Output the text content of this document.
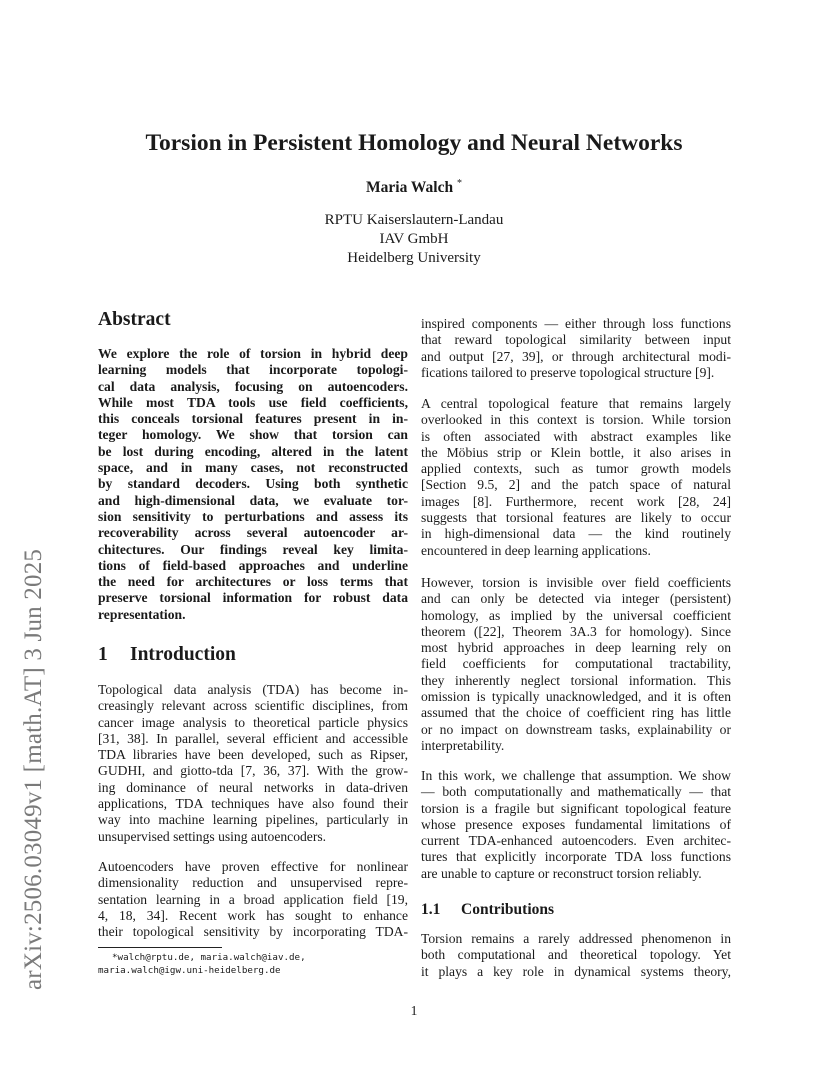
arXiv:2506.03049v1 [math.AT] 3 Jun 2025
Torsion in Persistent Homology and Neural Networks
Maria Walch *
RPTU Kaiserslautern-Landau
IAV GmbH
Heidelberg University
Abstract
We explore the role of torsion in hybrid deep
learning models that incorporate topologi-
cal data analysis, focusing on autoencoders.
While most TDA tools use field coefficients,
this conceals torsional features present in in-
teger homology. We show that torsion can
be lost during encoding, altered in the latent
space, and in many cases, not reconstructed
by standard decoders. Using both synthetic
and high-dimensional data, we evaluate tor-
sion sensitivity to perturbations and assess its
recoverability across several autoencoder ar-
chitectures. Our findings reveal key limita-
tions of field-based approaches and underline
the need for architectures or loss terms that
preserve torsional information for robust data
representation.
1 Introduction
Topological data analysis (TDA) has become in-
creasingly relevant across scientific disciplines, from
cancer image analysis to theoretical particle physics
[31, 38]. In parallel, several efficient and accessible
TDA libraries have been developed, such as Ripser,
GUDHI, and giotto-tda [7, 36, 37]. With the grow-
ing dominance of neural networks in data-driven
applications, TDA techniques have also found their
way into machine learning pipelines, particularly in
unsupervised settings using autoencoders.
Autoencoders have proven effective for nonlinear
dimensionality reduction and unsupervised repre-
sentation learning in a broad application field [19,
4, 18, 34]. Recent work has sought to enhance
their topological sensitivity by incorporating TDA-
*walch@rptu.de, maria.walch@iav.de,
maria.walch@igw.uni-heidelberg.de
inspired components — either through loss functions
that reward topological similarity between input
and output [27, 39], or through architectural modi-
fications tailored to preserve topological structure [9].
A central topological feature that remains largely
overlooked in this context is torsion. While torsion
is often associated with abstract examples like
the Möbius strip or Klein bottle, it also arises in
applied contexts, such as tumor growth models
[Section 9.5, 2] and the patch space of natural
images [8]. Furthermore, recent work [28, 24]
suggests that torsional features are likely to occur
in high-dimensional data — the kind routinely
encountered in deep learning applications.
However, torsion is invisible over field coefficients
and can only be detected via integer (persistent)
homology, as implied by the universal coefficient
theorem ([22], Theorem 3A.3 for homology). Since
most hybrid approaches in deep learning rely on
field coefficients for computational tractability,
they inherently neglect torsional information. This
omission is typically unacknowledged, and it is often
assumed that the choice of coefficient ring has little
or no impact on downstream tasks, explainability or
interpretability.
In this work, we challenge that assumption. We show
— both computationally and mathematically — that
torsion is a fragile but significant topological feature
whose presence exposes fundamental limitations of
current TDA-enhanced autoencoders. Even architec-
tures that explicitly incorporate TDA loss functions
are unable to capture or reconstruct torsion reliably.
1.1 Contributions
Torsion remains a rarely addressed phenomenon in
both computational and theoretical topology. Yet
it plays a key role in dynamical systems theory,
1
